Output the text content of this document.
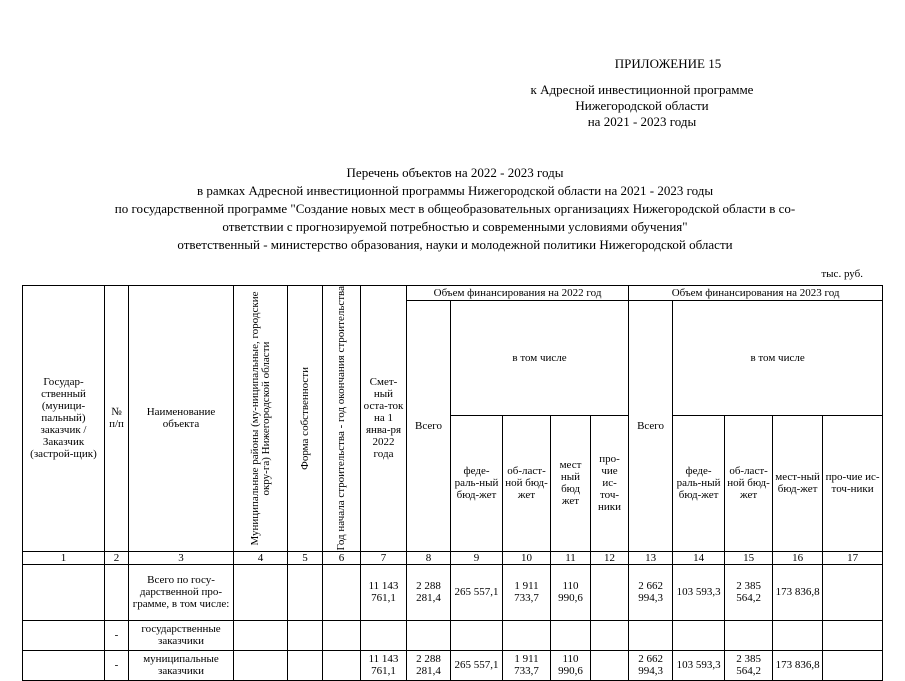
ПРИЛОЖЕНИЕ 15
к Адресной инвестиционной программе
Нижегородской области
на 2021 - 2023 годы
Перечень объектов на 2022 - 2023 годы
в рамках Адресной инвестиционной программы Нижегородской области на 2021 - 2023 годы
по государственной программе "Создание новых мест в общеобразовательных организациях Нижегородской области в со-
ответствии с прогнозируемой потребностью и современными условиями обучения"
ответственный - министерство образования, науки и молодежной политики Нижегородской области
тыс. руб.
Государ-ственный (муници-пальный) заказчик / Заказчик (застрой-щик)	№ п/п	Наименование объекта	Муниципальные районы (му-ниципальные, городские окру-га) Нижегородской области	Форма собственности	Год начала строительства - год окончания строительства	Смет-ный оста-ток на 1 янва-ря 2022 года	Объем финансирования на 2022 год					Объем финансирования на 2023 год				
							Всего	в том числе				Всего	в том числе			
								феде-раль-ный бюд-жет	об-ласт-ной бюд-жет	мест ный бюд жет	про-чие ис-точ-ники		феде-раль-ный бюд-жет	об-ласт-ной бюд-жет	мест-ный бюд-жет	про-чие ис-точ-ники
1	2	3	4	5	6	7	8	9	10	11	12	13	14	15	16	17
		Всего по госу-дарственной про-грамме, в том числе:				11 143 761,1	2 288 281,4	265 557,1	1 911 733,7	110 990,6		2 662 994,3	103 593,3	2 385 564,2	173 836,8	
	-	государственные заказчики														
	-	муниципальные заказчики				11 143 761,1	2 288 281,4	265 557,1	1 911 733,7	110 990,6		2 662 994,3	103 593,3	2 385 564,2	173 836,8	
